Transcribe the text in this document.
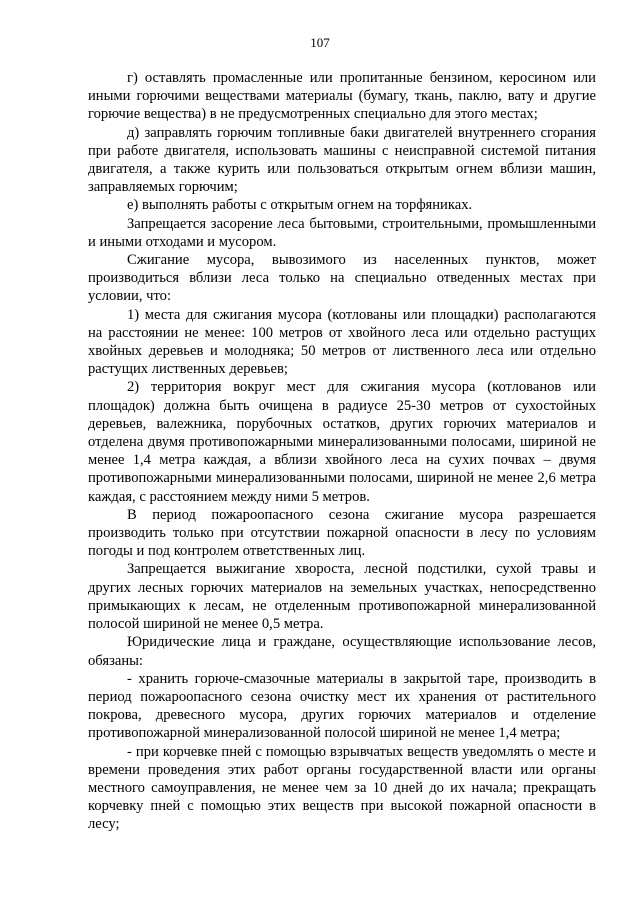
107

г) оставлять промасленные или пропитанные бензином, керосином или иными горючими веществами материалы (бумагу, ткань, паклю, вату и другие горючие вещества) в не предусмотренных специально для этого местах;

д) заправлять горючим топливные баки двигателей внутреннего сгорания при работе двигателя, использовать машины с неисправной системой питания двигателя, а также курить или пользоваться открытым огнем вблизи машин, заправляемых горючим;

е) выполнять работы с открытым огнем на торфяниках.

Запрещается засорение леса бытовыми, строительными, промышленными и иными отходами и мусором.

Сжигание мусора, вывозимого из населенных пунктов, может производиться вблизи леса только на специально отведенных местах при условии, что:

1) места для сжигания мусора (котлованы или площадки) располагаются на расстоянии не менее: 100 метров от хвойного леса или отдельно растущих хвойных деревьев и молодняка; 50 метров от лиственного леса или отдельно растущих лиственных деревьев;

2) территория вокруг мест для сжигания мусора (котлованов или площадок) должна быть очищена в радиусе 25-30 метров от сухостойных деревьев, валежника, порубочных остатков, других горючих материалов и отделена двумя противопожарными минерализованными полосами, шириной не менее 1,4 метра каждая, а вблизи хвойного леса на сухих почвах – двумя противопожарными минерализованными полосами, шириной не менее 2,6 метра каждая, с расстоянием между ними 5 метров.

В период пожароопасного сезона сжигание мусора разрешается производить только при отсутствии пожарной опасности в лесу по условиям погоды и под контролем ответственных лиц.

Запрещается выжигание хвороста, лесной подстилки, сухой травы и других лесных горючих материалов на земельных участках, непосредственно примыкающих к лесам, не отделенным противопожарной минерализованной полосой шириной не менее 0,5 метра.

Юридические лица и граждане, осуществляющие использование лесов, обязаны:

- хранить горюче-смазочные материалы в закрытой таре, производить в период пожароопасного сезона очистку мест их хранения от растительного покрова, древесного мусора, других горючих материалов и отделение противопожарной минерализованной полосой шириной не менее 1,4 метра;

- при корчевке пней с помощью взрывчатых веществ уведомлять о месте и времени проведения этих работ органы государственной власти или органы местного самоуправления, не менее чем за 10 дней до их начала; прекращать корчевку пней с помощью этих веществ при высокой пожарной опасности в лесу;
